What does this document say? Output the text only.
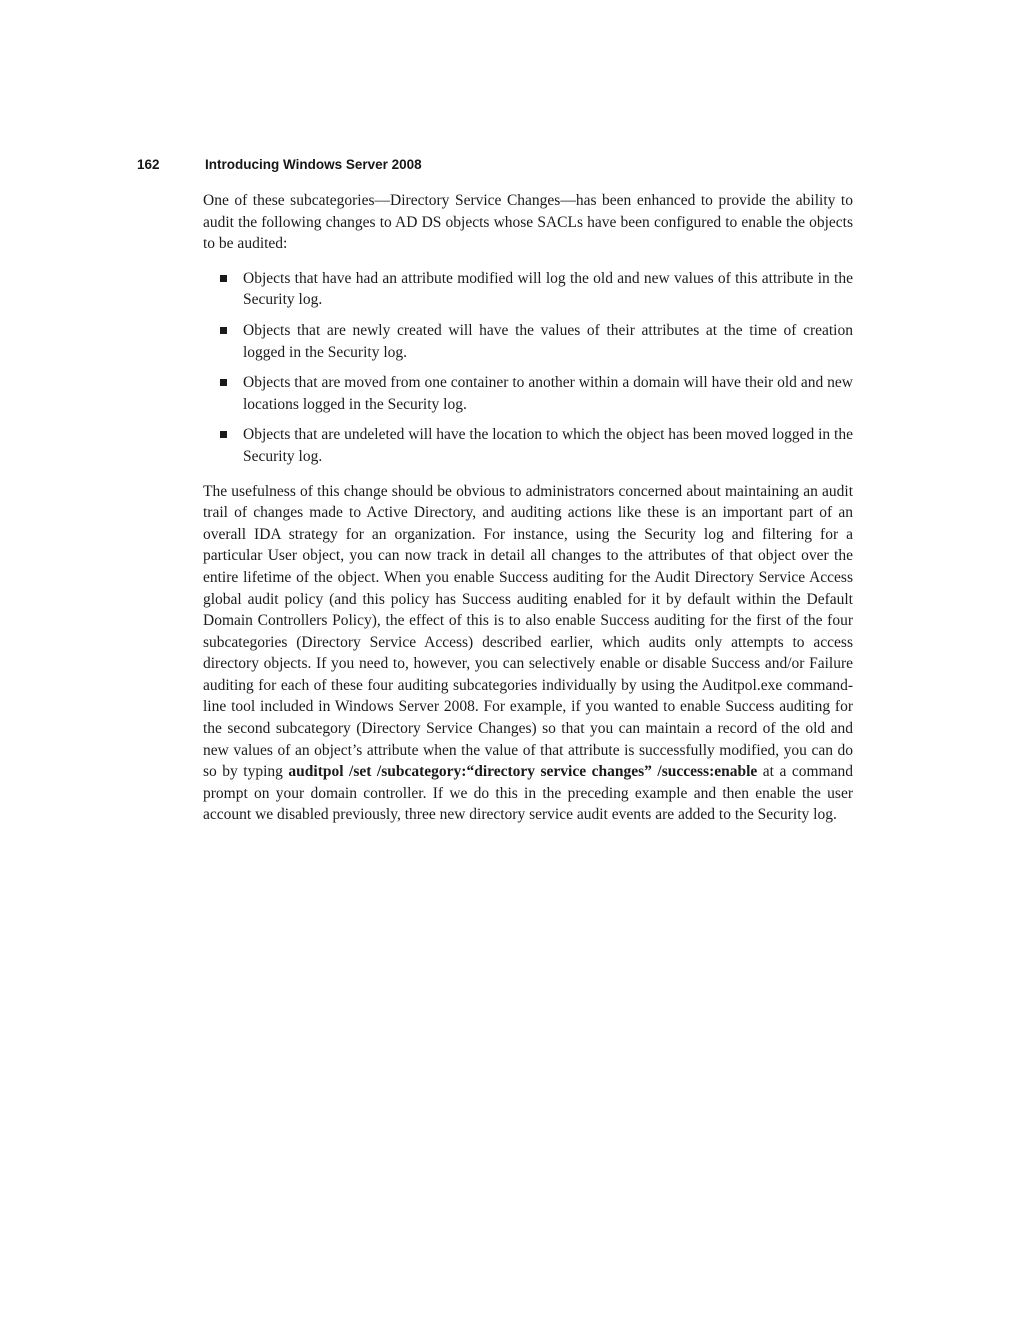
162	Introducing Windows Server 2008

One of these subcategories—Directory Service Changes—has been enhanced to provide the ability to audit the following changes to AD DS objects whose SACLs have been configured to enable the objects to be audited:

Objects that have had an attribute modified will log the old and new values of this attribute in the Security log.
Objects that are newly created will have the values of their attributes at the time of creation logged in the Security log.
Objects that are moved from one container to another within a domain will have their old and new locations logged in the Security log.
Objects that are undeleted will have the location to which the object has been moved logged in the Security log.

The usefulness of this change should be obvious to administrators concerned about maintaining an audit trail of changes made to Active Directory, and auditing actions like these is an important part of an overall IDA strategy for an organization. For instance, using the Security log and filtering for a particular User object, you can now track in detail all changes to the attributes of that object over the entire lifetime of the object. When you enable Success auditing for the Audit Directory Service Access global audit policy (and this policy has Success auditing enabled for it by default within the Default Domain Controllers Policy), the effect of this is to also enable Success auditing for the first of the four subcategories (Directory Service Access) described earlier, which audits only attempts to access directory objects. If you need to, however, you can selectively enable or disable Success and/or Failure auditing for each of these four auditing subcategories individually by using the Auditpol.exe command-line tool included in Windows Server 2008. For example, if you wanted to enable Success auditing for the second subcategory (Directory Service Changes) so that you can maintain a record of the old and new values of an object’s attribute when the value of that attribute is successfully modified, you can do so by typing auditpol /set /subcategory:“directory service changes” /success:enable at a command prompt on your domain controller. If we do this in the preceding example and then enable the user account we disabled previously, three new directory service audit events are added to the Security log.
